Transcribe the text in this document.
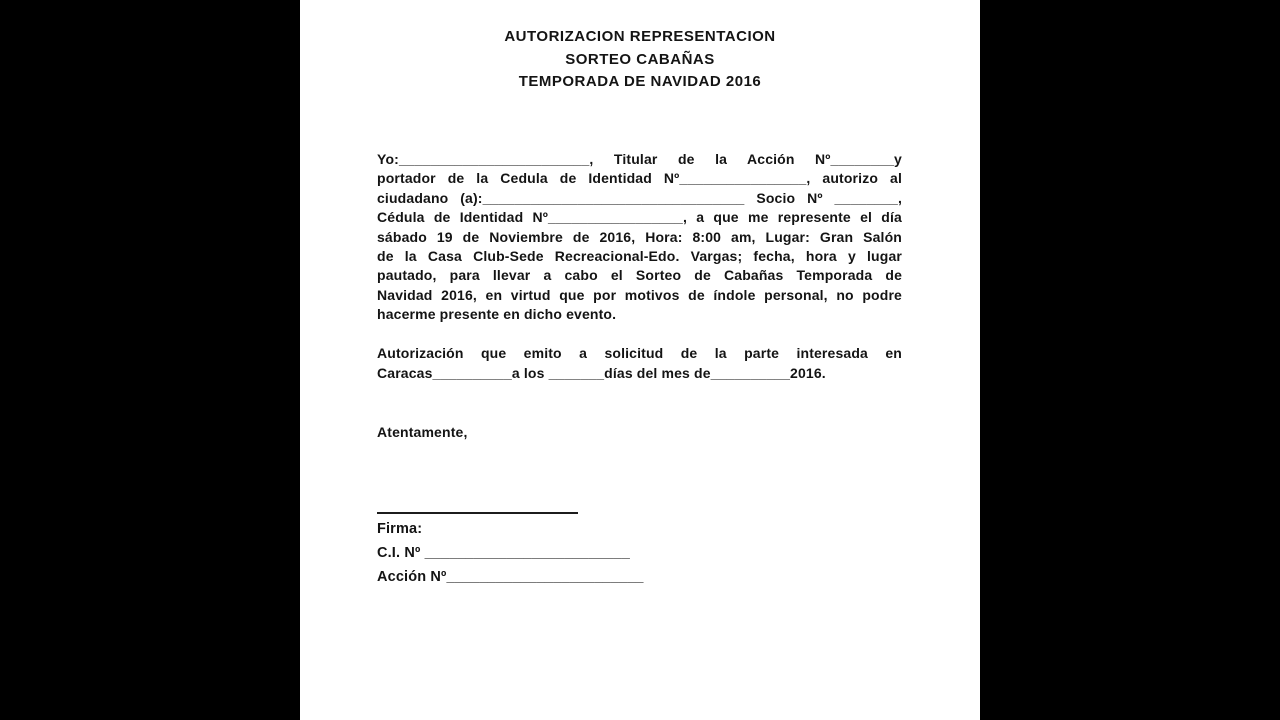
AUTORIZACION REPRESENTACION
SORTEO CABAÑAS
TEMPORADA DE NAVIDAD 2016
Yo:________________________, Titular de la Acción Nº________y
portador de la Cedula de Identidad Nº________________, autorizo al
ciudadano (a):_________________________________ Socio Nº ________,
Cédula de Identidad Nº_________________, a que me represente el día
sábado 19 de Noviembre de 2016, Hora: 8:00 am, Lugar: Gran Salón
de la Casa Club-Sede Recreacional-Edo. Vargas; fecha, hora y lugar
pautado, para llevar a cabo el Sorteo de Cabañas Temporada de
Navidad 2016, en virtud que por motivos de índole personal, no podre
hacerme presente en dicho evento.
Autorización que emito a solicitud de la parte interesada en
Caracas__________a los _______días del mes de__________2016.
Atentamente,
Firma:
C.I. Nº _________________________
Acción Nº________________________
